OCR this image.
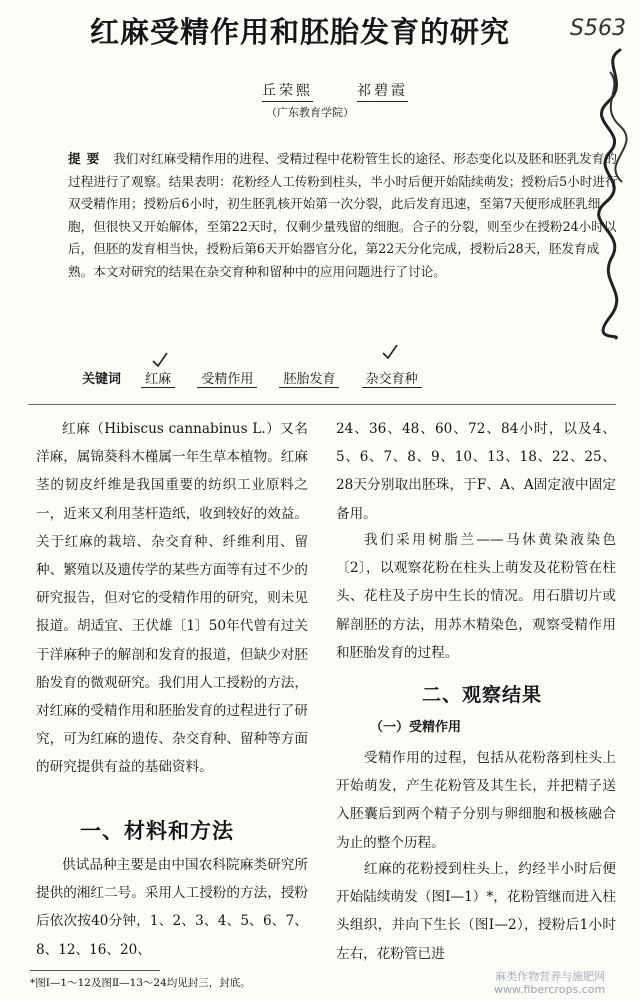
红麻受精作用和胚胎发育的研究	S563
丘荣熙	祁碧霞
（广东教育学院）
提要 我们对红麻受精作用的进程、受精过程中花粉管生长的途径、形态变化以及胚和胚乳发育的过程进行了观察。结果表明：花粉经人工传粉到柱头，半小时后便开始陆续萌发；授粉后5小时进行双受精作用；授粉后6小时，初生胚乳核开始第一次分裂，此后发育迅速，至第7天便形成胚乳细胞，但很快又开始解体，至第22天时，仅剩少量残留的细胞。合子的分裂，则至少在授粉24小时以后，但胚的发育相当快，授粉后第6天开始器官分化，第22天分化完成，授粉后28天，胚发育成熟。本文对研究的结果在杂交育种和留种中的应用问题进行了讨论。
关键词 红麻 受精作用 胚胎发育 杂交育种
红麻（Hibiscus cannabinus L.）又名洋麻，属锦葵科木槿属一年生草本植物。红麻茎的韧皮纤维是我国重要的纺织工业原料之一，近来又利用茎杆造纸，收到较好的效益。关于红麻的栽培、杂交育种、纤维利用、留种、繁殖以及遗传学的某些方面等有过不少的研究报告，但对它的受精作用的研究，则未见报道。胡适宜、王伏雄〔1〕50年代曾有过关于洋麻种子的解剖和发育的报道，但缺少对胚胎发育的微观研究。我们用人工授粉的方法，对红麻的受精作用和胚胎发育的过程进行了研究，可为红麻的遗传、杂交育种、留种等方面的研究提供有益的基础资料。
一、材料和方法
供试品种主要是由中国农科院麻类研究所提供的湘红二号。采用人工授粉的方法，授粉后依次按40分钟，1、2、3、4、5、6、7、8、12、16、20、
24、36、48、60、72、84小时，以及4、5、6、7、8、9、10、13、18、22、25、28天分别取出胚珠，于F、A、A固定液中固定备用。
我们采用树脂兰——马休黄染液染色〔2〕，以观察花粉在柱头上萌发及花粉管在柱头、花柱及子房中生长的情况。用石腊切片或解剖胚的方法，用苏木精染色，观察受精作用和胚胎发育的过程。
二、观察结果
（一）受精作用
受精作用的过程，包括从花粉落到柱头上开始萌发，产生花粉管及其生长，并把精子送入胚囊后到两个精子分别与卵细胞和极核融合为止的整个历程。
红麻的花粉授到柱头上，约经半小时后便开始陆续萌发（图Ⅰ—1）*，花粉管继而进入柱头组织，并向下生长（图Ⅰ—2），授粉后1小时左右，花粉管已进
*图Ⅰ—1～12及图Ⅱ—13～24均见封三，封底。	麻类作物营养与施肥网
www.fibercrops.com
